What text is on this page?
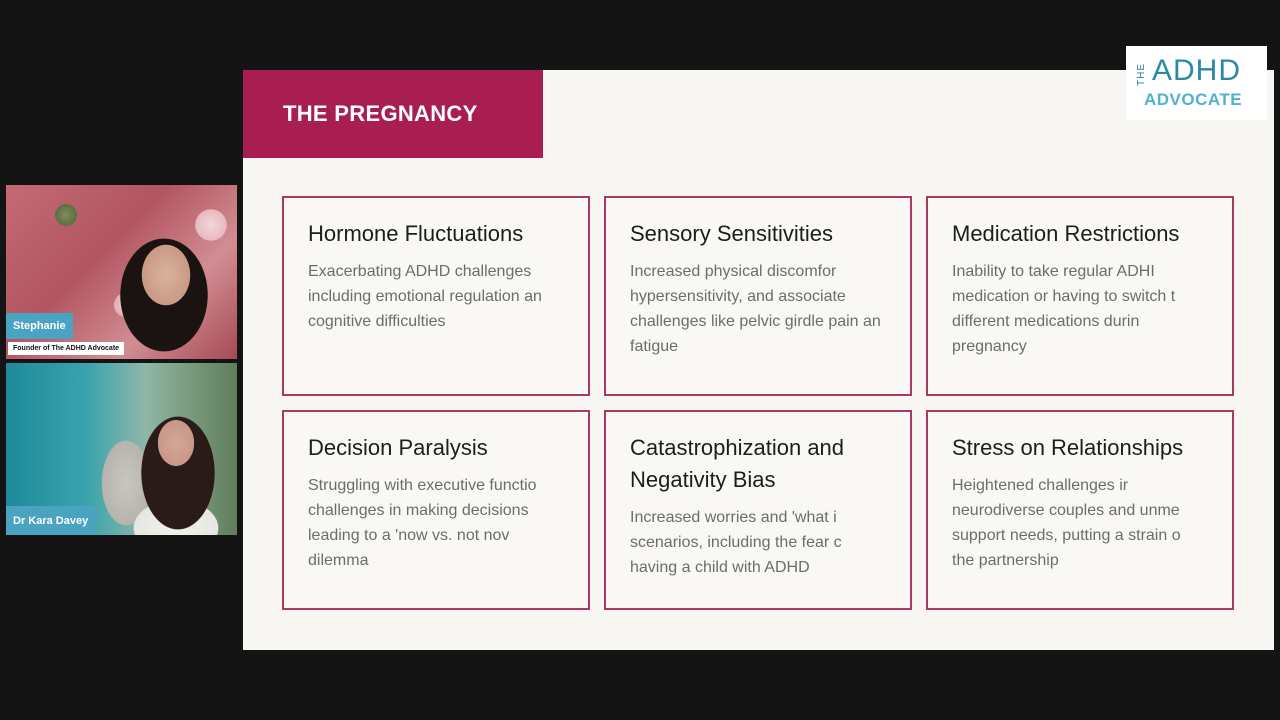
THE PREGNANCY
Hormone Fluctuations

Exacerbating ADHD challenges
including emotional regulation an
cognitive difficulties

Sensory Sensitivities

Increased physical discomfor
hypersensitivity, and associate
challenges like pelvic girdle pain an
fatigue

Medication Restrictions

Inability to take regular ADHI
medication or having to switch t
different medications durin
pregnancy

Decision Paralysis

Struggling with executive functio
challenges in making decisions
leading to a 'now vs. not nov
dilemma

Catastrophization and Negativity Bias

Increased worries and 'what i
scenarios, including the fear c
having a child with ADHD

Stress on Relationships

Heightened challenges ir
neurodiverse couples and unme
support needs, putting a strain o
the partnership

THE ADHD
ADVOCATE
Stephanie
Founder of The ADHD Advocate
Dr Kara Davey
